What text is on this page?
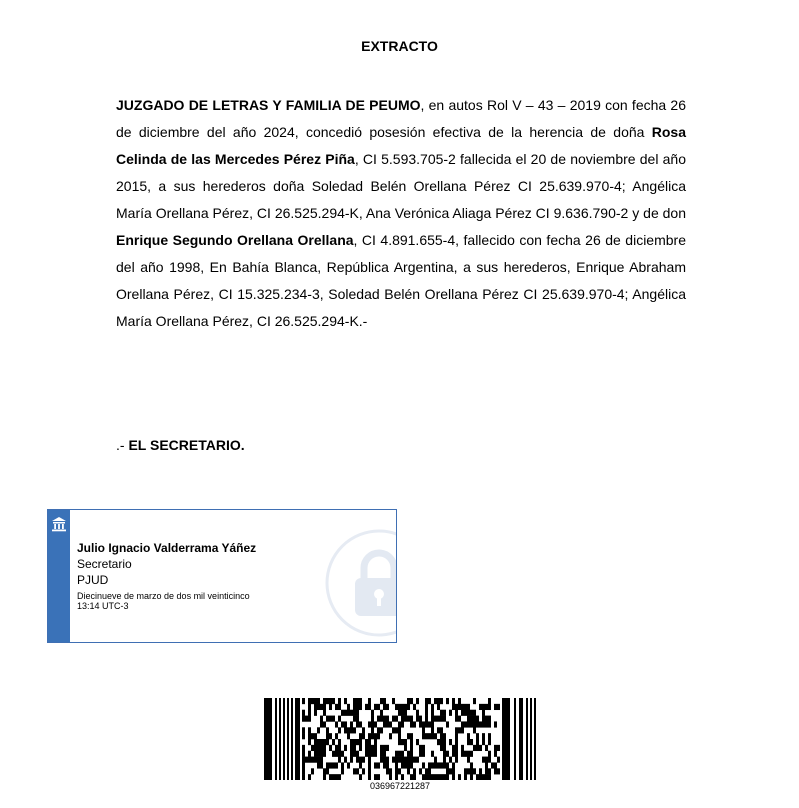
EXTRACTO
JUZGADO DE LETRAS Y FAMILIA DE PEUMO, en autos Rol V – 43 – 2019 con fecha 26 de diciembre del año 2024, concedió posesión efectiva de la herencia de doña Rosa Celinda de las Mercedes Pérez Piña, CI 5.593.705-2 fallecida el 20 de noviembre del año 2015, a sus herederos doña Soledad Belén Orellana Pérez CI 25.639.970-4; Angélica María Orellana Pérez, CI 26.525.294-K, Ana Verónica Aliaga Pérez CI 9.636.790-2 y de don Enrique Segundo Orellana Orellana, CI 4.891.655-4, fallecido con fecha 26 de diciembre del año 1998, En Bahía Blanca, República Argentina, a sus herederos, Enrique Abraham Orellana Pérez, CI 15.325.234-3, Soledad Belén Orellana Pérez CI 25.639.970-4; Angélica María Orellana Pérez, CI 26.525.294-K.-
.- EL SECRETARIO.
Julio Ignacio Valderrama Yáñez
Secretario
PJUD
Diecinueve de marzo de dos mil veinticinco
13:14 UTC-3
036967221287
